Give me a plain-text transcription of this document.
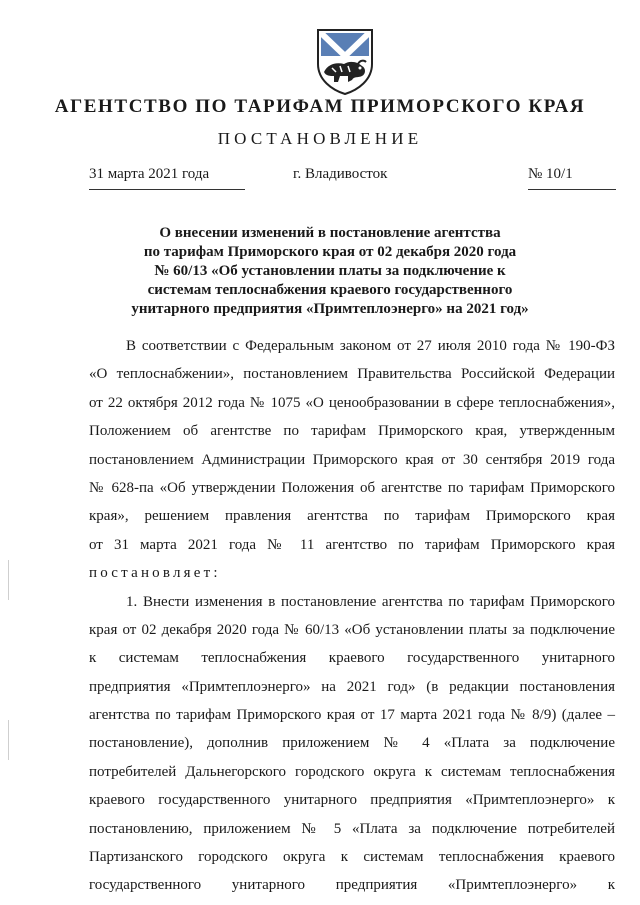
АГЕНТСТВО ПО ТАРИФАМ ПРИМОРСКОГО КРАЯ
ПОСТАНОВЛЕНИЕ
31 марта 2021 года	г. Владивосток	№ 10/1
О внесении изменений в постановление агентства
по тарифам Приморского края от 02 декабря 2020 года
№ 60/13 «Об установлении платы за подключение к
системам теплоснабжения краевого государственного
унитарного предприятия «Примтеплоэнерго» на 2021 год»
В соответствии с Федеральным законом от 27 июля 2010 года № 190-ФЗ
«О теплоснабжении», постановлением Правительства Российской Федерации
от 22 октября 2012 года № 1075 «О ценообразовании в сфере теплоснабжения»,
Положением об агентстве по тарифам Приморского края, утвержденным
постановлением Администрации Приморского края от 30 сентября 2019 года
№ 628-па «Об утверждении Положения об агентстве по тарифам Приморского
края», решением правления агентства по тарифам Приморского края
от 31 марта 2021 года № 11 агентство по тарифам Приморского края
постановляет:
1. Внести изменения в постановление агентства по тарифам Приморского
края от 02 декабря 2020 года № 60/13 «Об установлении платы за подключение
к системам теплоснабжения краевого государственного унитарного
предприятия «Примтеплоэнерго» на 2021 год» (в редакции постановления
агентства по тарифам Приморского края от 17 марта 2021 года № 8/9) (далее –
постановление), дополнив приложением № 4 «Плата за подключение
потребителей Дальнегорского городского округа к системам теплоснабжения
краевого государственного унитарного предприятия «Примтеплоэнерго» к
постановлению, приложением № 5 «Плата за подключение потребителей
Партизанского городского округа к системам теплоснабжения краевого
государственного унитарного предприятия «Примтеплоэнерго» к
